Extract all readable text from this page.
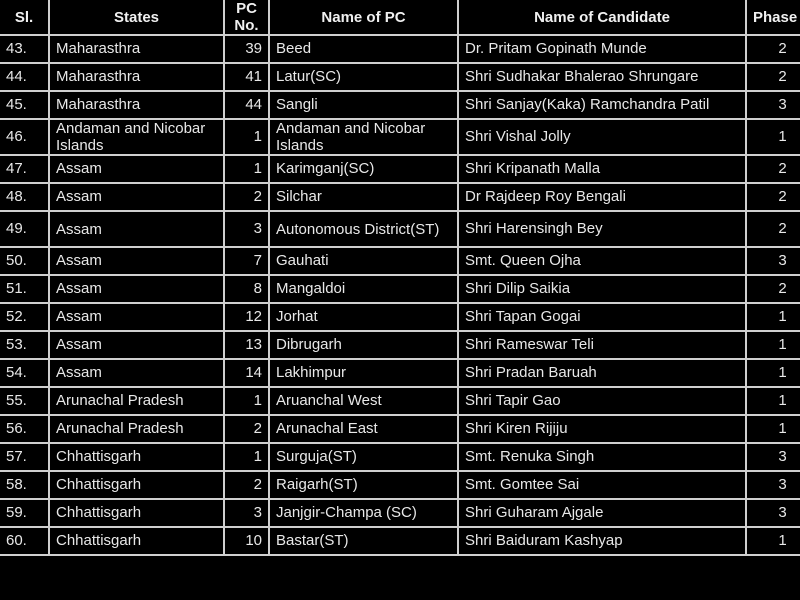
Sl.	States	PC No.	Name of PC	Name of Candidate	Phase
43.	Maharasthra	39	Beed	Dr. Pritam Gopinath Munde	2
44.	Maharasthra	41	Latur(SC)	Shri Sudhakar Bhalerao Shrungare	2
45.	Maharasthra	44	Sangli	Shri Sanjay(Kaka) Ramchandra Patil	3
46.	Andaman and Nicobar Islands	1	Andaman and Nicobar Islands	Shri Vishal Jolly	1
47.	Assam	1	Karimganj(SC)	Shri Kripanath Malla	2
48.	Assam	2	Silchar	Dr Rajdeep Roy Bengali	2
49.	Assam	3	Autonomous District(ST)	Shri Harensingh Bey	2
50.	Assam	7	Gauhati	Smt. Queen Ojha	3
51.	Assam	8	Mangaldoi	Shri Dilip Saikia	2
52.	Assam	12	Jorhat	Shri Tapan Gogai	1
53.	Assam	13	Dibrugarh	Shri Rameswar Teli	1
54.	Assam	14	Lakhimpur	Shri Pradan Baruah	1
55.	Arunachal Pradesh	1	Aruanchal West	Shri Tapir Gao	1
56.	Arunachal Pradesh	2	Arunachal East	Shri Kiren Rijiju	1
57.	Chhattisgarh	1	Surguja(ST)	Smt. Renuka Singh	3
58.	Chhattisgarh	2	Raigarh(ST)	Smt. Gomtee Sai	3
59.	Chhattisgarh	3	Janjgir-Champa (SC)	Shri Guharam Ajgale	3
60.	Chhattisgarh	10	Bastar(ST)	Shri Baiduram Kashyap	1
